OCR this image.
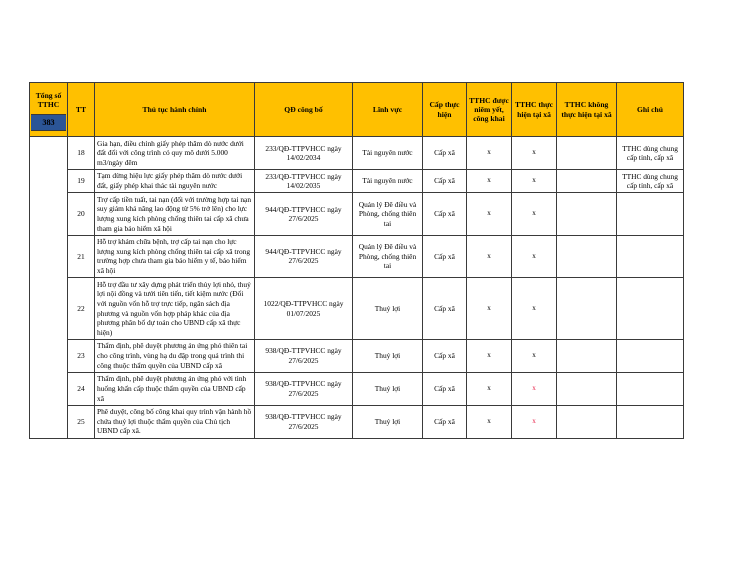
Tổng số TTHC
383	TT	Thủ tục hành chính	QĐ công bố	Lĩnh vực	Cấp thực hiện	TTHC được niêm yết, công khai	TTHC thực hiện tại xã	TTHC không thực hiện tại xã	Ghi chú
	18	Gia hạn, điều chỉnh giấy phép thăm dò nước dưới đất đối với công trình có quy mô dưới 5.000 m3/ngày đêm	233/QĐ-TTPVHCC ngày 14/02/2034	Tài nguyên nước	Cấp xã	x	x		TTHC dùng chung cấp tỉnh, cấp xã
	19	Tạm dừng hiệu lực giấy phép thăm dò nước dưới đất, giấy phép khai thác tài nguyên nước	233/QĐ-TTPVHCC ngày 14/02/2035	Tài nguyên nước	Cấp xã	x	x		TTHC dùng chung cấp tỉnh, cấp xã
	20	Trợ cấp tiền tuất, tai nạn (đối với trường hợp tai nạn suy giảm khả năng lao động từ 5% trở lên) cho lực lượng xung kích phòng chống thiên tai cấp xã chưa tham gia bảo hiểm xã hội	944/QĐ-TTPVHCC ngày 27/6/2025	Quản lý Đê điều và Phòng, chống thiên tai	Cấp xã	x	x		
	21	Hỗ trợ khám chữa bệnh, trợ cấp tai nạn cho lực lượng xung kích phòng chống thiên tai cấp xã trong trường hợp chưa tham gia bảo hiểm y tế, bảo hiểm xã hội	944/QĐ-TTPVHCC ngày 27/6/2025	Quản lý Đê điều và Phòng, chống thiên tai	Cấp xã	x	x		
	22	Hỗ trợ đầu tư xây dựng phát triển thủy lợi nhỏ, thuỷ lợi nội đồng và tưới tiên tiến, tiết kiệm nước (Đối với nguồn vốn hỗ trợ trực tiếp, ngân sách địa phương và nguồn vốn hợp pháp khác của địa phương phân bổ dự toán cho UBND cấp xã thực hiện)	1022/QĐ-TTPVHCC ngày 01/07/2025	Thuỷ lợi	Cấp xã	x	x		
	23	Thẩm định, phê duyệt phương án ứng phó thiên tai cho công trình, vùng hạ du đập trong quá trình thi công thuộc thẩm quyền của UBND cấp xã	938/QĐ-TTPVHCC ngày 27/6/2025	Thuỷ lợi	Cấp xã	x	x		
	24	Thẩm định, phê duyệt phương án ứng phó với tình huống khẩn cấp thuộc thẩm quyền của UBND cấp xã	938/QĐ-TTPVHCC ngày 27/6/2025	Thuỷ lợi	Cấp xã	x	x		
	25	Phê duyệt, công bố công khai quy trình vận hành hồ chứa thuỷ lợi thuộc thẩm quyền của Chủ tịch UBND cấp xã.	938/QĐ-TTPVHCC ngày 27/6/2025	Thuỷ lợi	Cấp xã	x	x		
